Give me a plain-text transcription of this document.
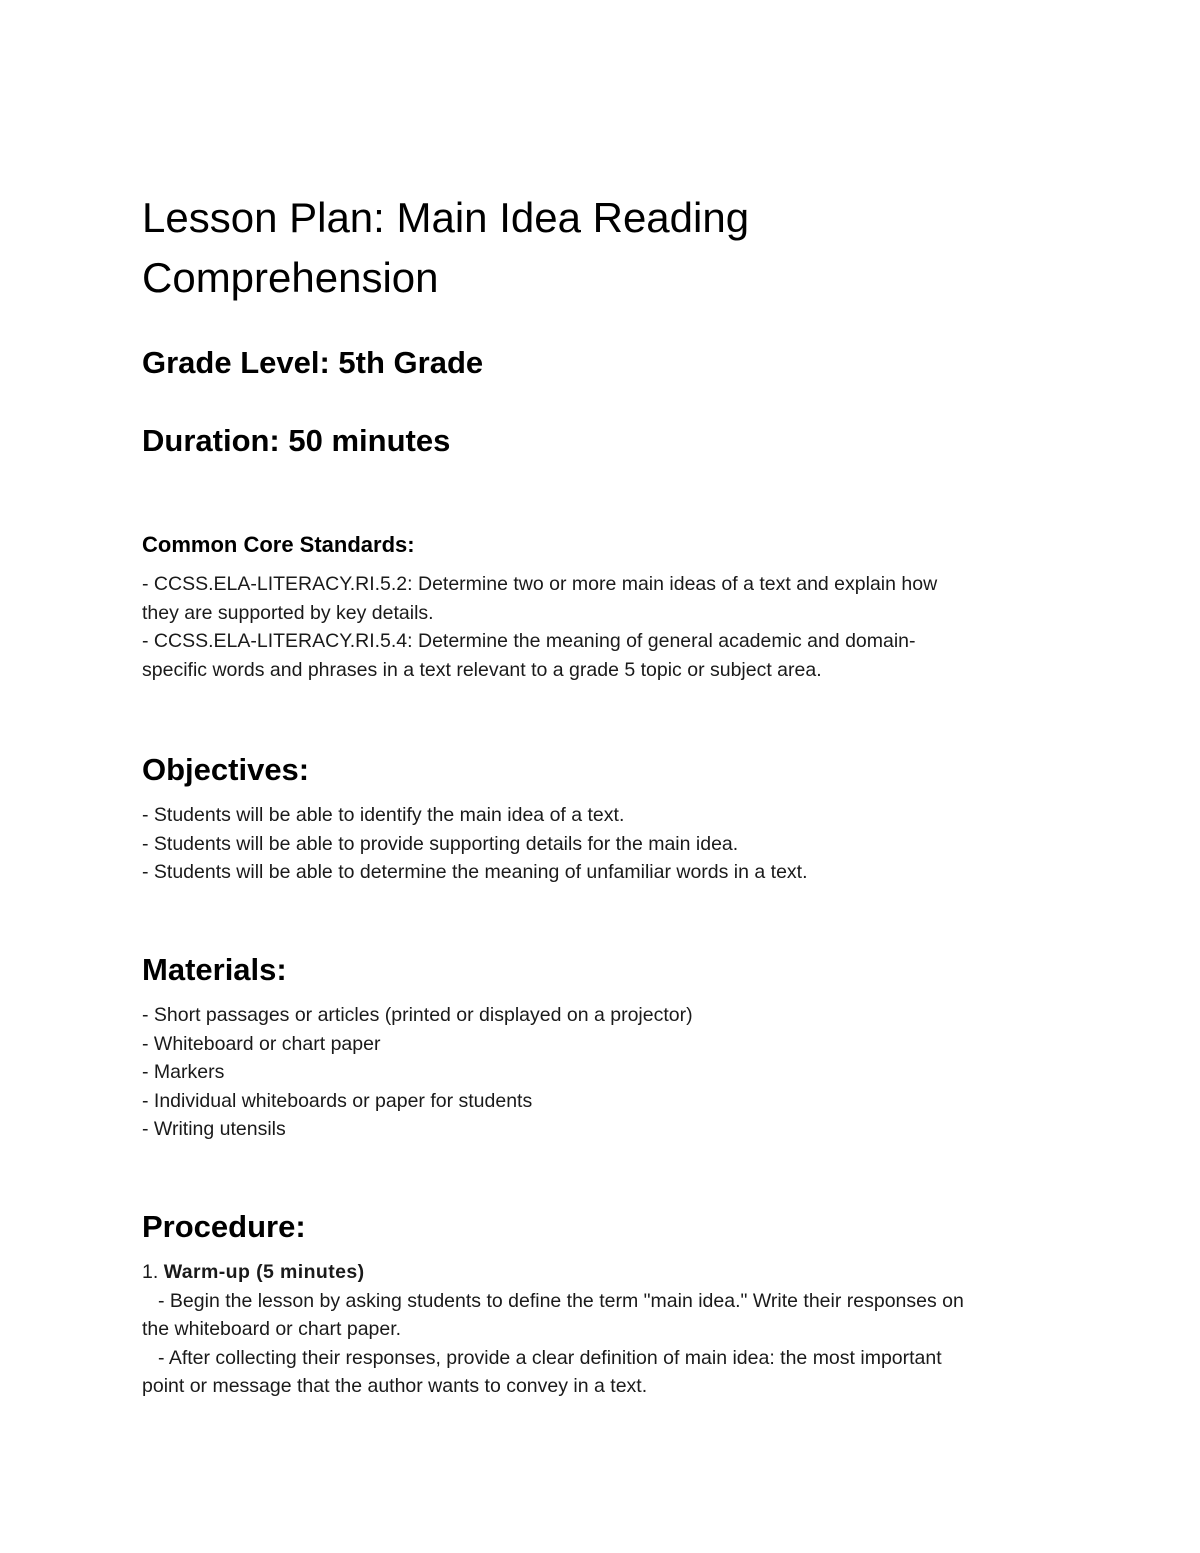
Lesson Plan: Main Idea Reading
Comprehension
Grade Level: 5th Grade
Duration: 50 minutes
Common Core Standards:
- CCSS.ELA-LITERACY.RI.5.2: Determine two or more main ideas of a text and explain how
they are supported by key details.
- CCSS.ELA-LITERACY.RI.5.4: Determine the meaning of general academic and domain-
specific words and phrases in a text relevant to a grade 5 topic or subject area.
Objectives:
- Students will be able to identify the main idea of a text.
- Students will be able to provide supporting details for the main idea.
- Students will be able to determine the meaning of unfamiliar words in a text.
Materials:
- Short passages or articles (printed or displayed on a projector)
- Whiteboard or chart paper
- Markers
- Individual whiteboards or paper for students
- Writing utensils
Procedure:
1. Warm-up (5 minutes)
- Begin the lesson by asking students to define the term "main idea." Write their responses on
the whiteboard or chart paper.
- After collecting their responses, provide a clear definition of main idea: the most important
point or message that the author wants to convey in a text.
